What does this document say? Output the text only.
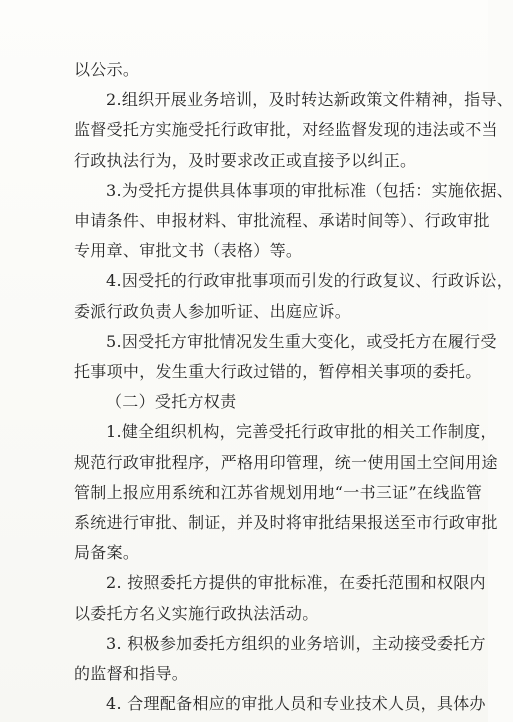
以公示。
2.组织开展业务培训，及时转达新政策文件精神，指导、
监督受托方实施受托行政审批，对经监督发现的违法或不当
行政执法行为，及时要求改正或直接予以纠正。
3.为受托方提供具体事项的审批标准（包括：实施依据、
申请条件、申报材料、审批流程、承诺时间等）、行政审批
专用章、审批文书（表格）等。
4.因受托的行政审批事项而引发的行政复议、行政诉讼，
委派行政负责人参加听证、出庭应诉。
5.因受托方审批情况发生重大变化，或受托方在履行受
托事项中，发生重大行政过错的，暂停相关事项的委托。
（二）受托方权责
1.健全组织机构，完善受托行政审批的相关工作制度，
规范行政审批程序，严格用印管理，统一使用国土空间用途
管制上报应用系统和江苏省规划用地“一书三证”在线监管
系统进行审批、制证，并及时将审批结果报送至市行政审批
局备案。
2. 按照委托方提供的审批标准，在委托范围和权限内
以委托方名义实施行政执法活动。
3. 积极参加委托方组织的业务培训，主动接受委托方
的监督和指导。
4. 合理配备相应的审批人员和专业技术人员，具体办
